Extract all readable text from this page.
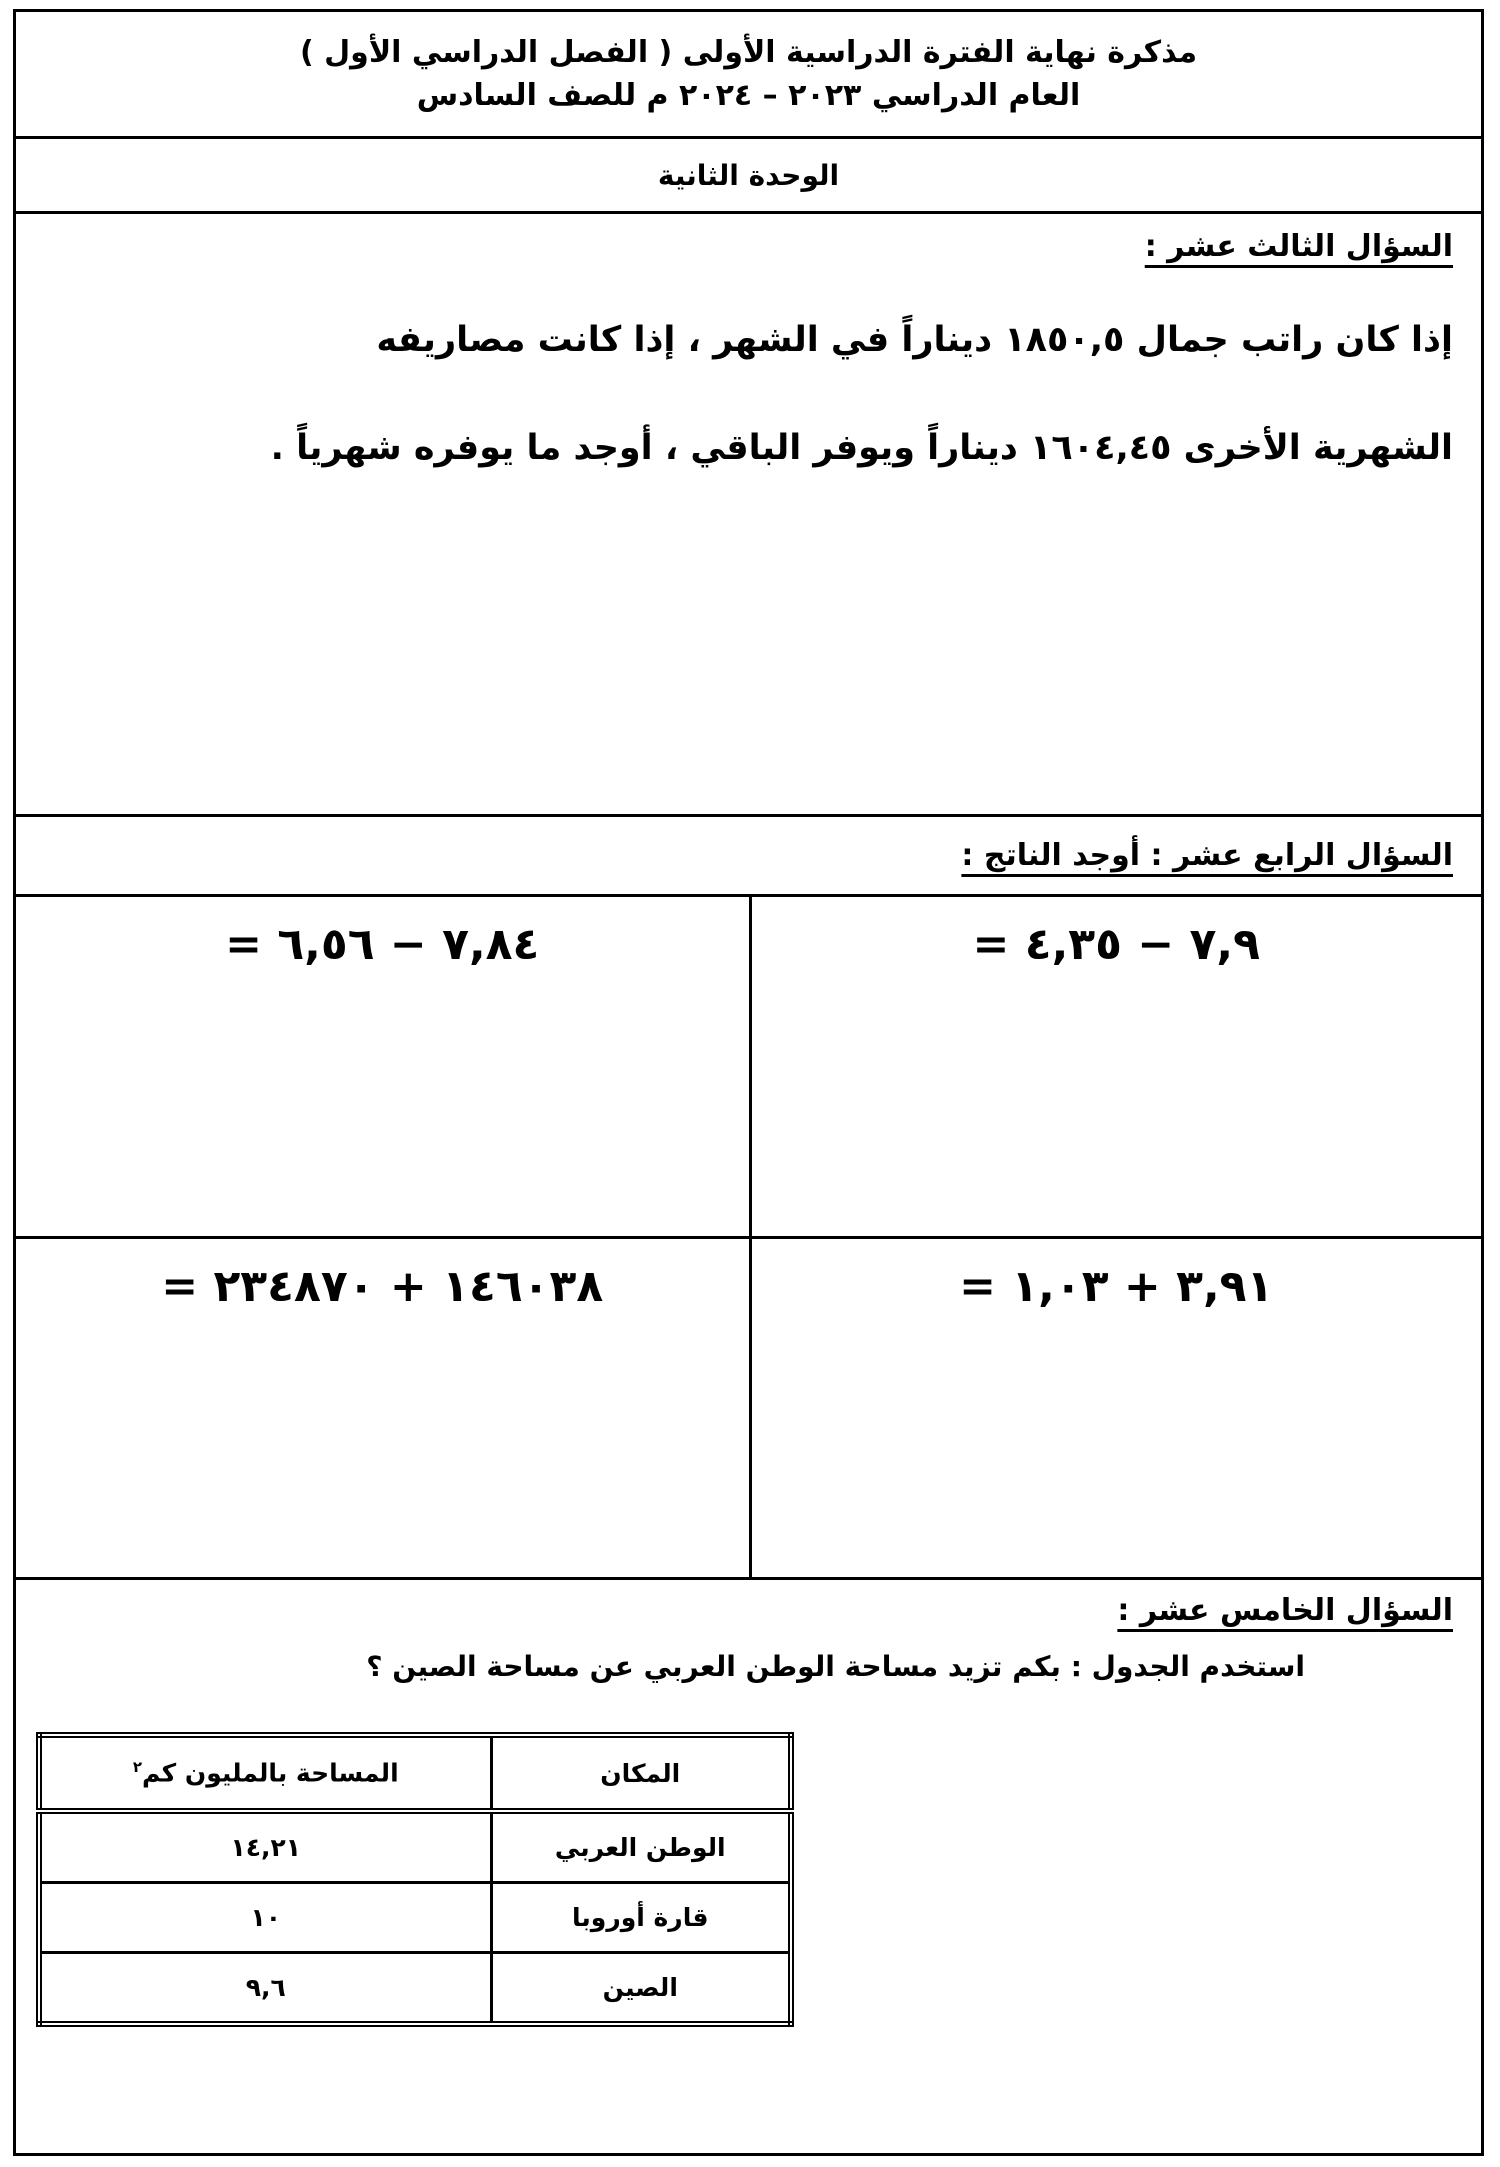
مذكرة نهاية الفترة الدراسية الأولى ( الفصل الدراسي الأول )
العام الدراسي ٢٠٢٣ – ٢٠٢٤ م للصف السادس
الوحدة الثانية
السؤال الثالث عشر :
إذا كان راتب جمال ١٨٥٠,٥ ديناراً في الشهر ، إذا كانت مصاريفه
الشهرية الأخرى ١٦٠٤,٤٥ ديناراً ويوفر الباقي ، أوجد ما يوفره شهرياً .
السؤال الرابع عشر : أوجد الناتج :
٧,٩ − ٤,٣٥ =
٧,٨٤ − ٦,٥٦ =
٣,٩١ + ١,٠٣ =
١٤٦٠٣٨ + ٢٣٤٨٧٠ =
السؤال الخامس عشر :
استخدم الجدول : بكم تزيد مساحة الوطن العربي عن مساحة الصين ؟
المكان	المساحة بالمليون كم$^٢$
الوطن العربي	١٤,٢١
قارة أوروبا	١٠
الصين	٩,٦
